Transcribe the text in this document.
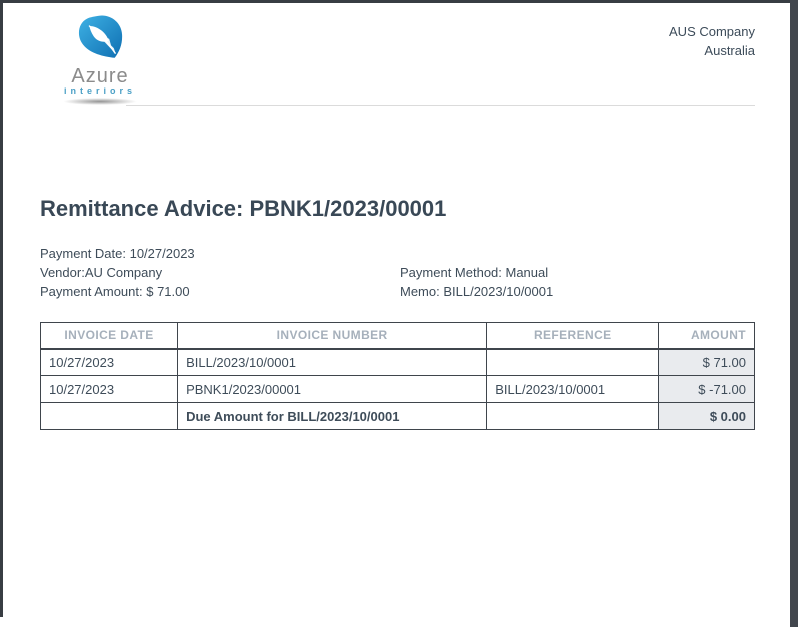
Azure
interiors
AUS Company
Australia
Remittance Advice: PBNK1/2023/00001
Payment Date: 10/27/2023
Vendor:AU Company
Payment Amount: $ 71.00
Payment Method: Manual
Memo: BILL/2023/10/0001
INVOICE DATE	INVOICE NUMBER	REFERENCE	AMOUNT
10/27/2023	BILL/2023/10/0001		$ 71.00
10/27/2023	PBNK1/2023/00001	BILL/2023/10/0001	$ -71.00
	Due Amount for BILL/2023/10/0001		$ 0.00
